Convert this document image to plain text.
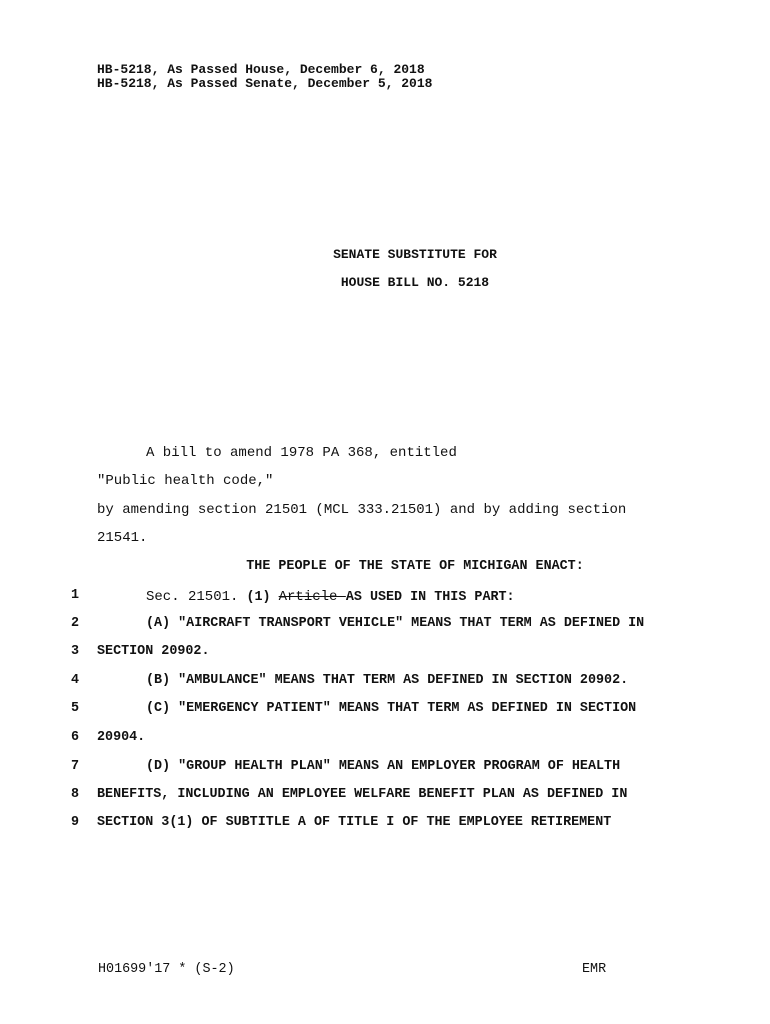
HB-5218, As Passed House, December 6, 2018
HB-5218, As Passed Senate, December 5, 2018
SENATE SUBSTITUTE FOR
HOUSE BILL NO. 5218
A bill to amend 1978 PA 368, entitled
"Public health code,"
by amending section 21501 (MCL 333.21501) and by adding section
21541.
THE PEOPLE OF THE STATE OF MICHIGAN ENACT:
1
2
3
4
5
6
7
8
9
Sec. 21501. (1) Article AS USED IN THIS PART:
(A) "AIRCRAFT TRANSPORT VEHICLE" MEANS THAT TERM AS DEFINED IN
SECTION 20902.
(B) "AMBULANCE" MEANS THAT TERM AS DEFINED IN SECTION 20902.
(C) "EMERGENCY PATIENT" MEANS THAT TERM AS DEFINED IN SECTION
20904.
(D) "GROUP HEALTH PLAN" MEANS AN EMPLOYER PROGRAM OF HEALTH
BENEFITS, INCLUDING AN EMPLOYEE WELFARE BENEFIT PLAN AS DEFINED IN
SECTION 3(1) OF SUBTITLE A OF TITLE I OF THE EMPLOYEE RETIREMENT
H01699'17 * (S-2)	EMR
